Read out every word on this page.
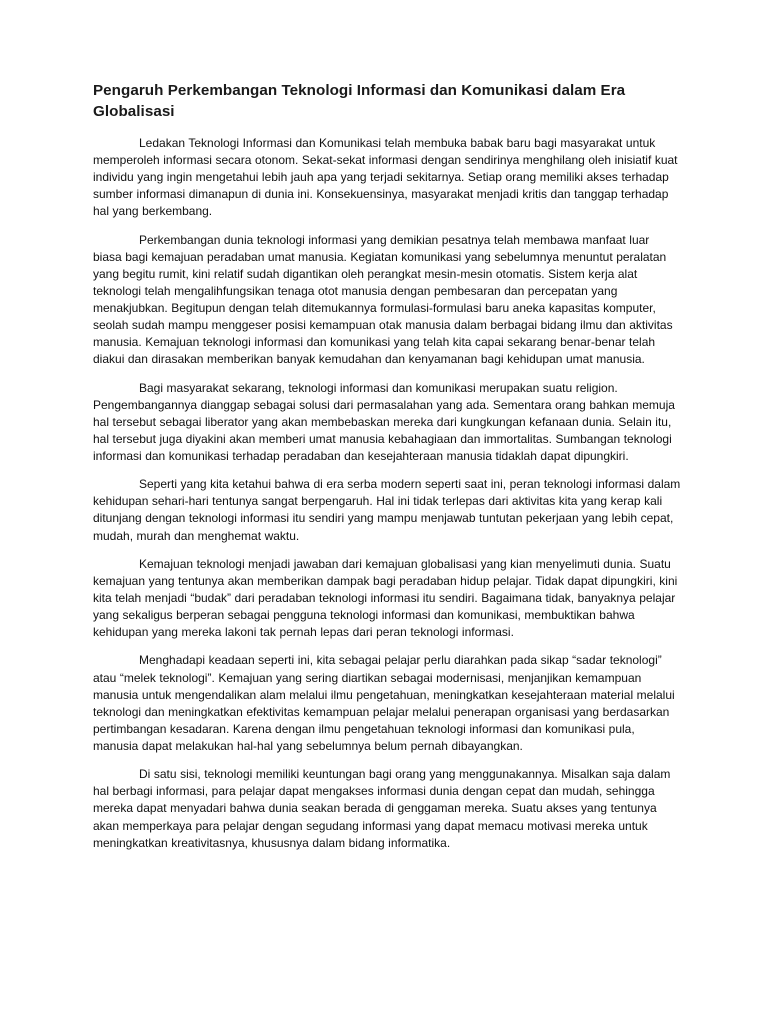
Pengaruh Perkembangan Teknologi Informasi dan Komunikasi dalam Era Globalisasi

Ledakan Teknologi Informasi dan Komunikasi telah membuka babak baru bagi masyarakat untuk memperoleh informasi secara otonom. Sekat-sekat informasi dengan sendirinya menghilang oleh inisiatif kuat individu yang ingin mengetahui lebih jauh apa yang terjadi sekitarnya. Setiap orang memiliki akses terhadap sumber informasi dimanapun di dunia ini. Konsekuensinya, masyarakat menjadi kritis dan tanggap terhadap hal yang berkembang.

Perkembangan dunia teknologi informasi yang demikian pesatnya telah membawa manfaat luar biasa bagi kemajuan peradaban umat manusia. Kegiatan komunikasi yang sebelumnya menuntut peralatan yang begitu rumit, kini relatif sudah digantikan oleh perangkat mesin-mesin otomatis. Sistem kerja alat teknologi telah mengalihfungsikan tenaga otot manusia dengan pembesaran dan percepatan yang menakjubkan. Begitupun dengan telah ditemukannya formulasi-formulasi baru aneka kapasitas komputer, seolah sudah mampu menggeser posisi kemampuan otak manusia dalam berbagai bidang ilmu dan aktivitas manusia. Kemajuan teknologi informasi dan komunikasi yang telah kita capai sekarang benar-benar telah diakui dan dirasakan memberikan banyak kemudahan dan kenyamanan bagi kehidupan umat manusia.

Bagi masyarakat sekarang, teknologi informasi dan komunikasi merupakan suatu religion. Pengembangannya dianggap sebagai solusi dari permasalahan yang ada. Sementara orang bahkan memuja hal tersebut sebagai liberator yang akan membebaskan mereka dari kungkungan kefanaan dunia. Selain itu, hal tersebut juga diyakini akan memberi umat manusia kebahagiaan dan immortalitas. Sumbangan teknologi informasi dan komunikasi terhadap peradaban dan kesejahteraan manusia tidaklah dapat dipungkiri.

Seperti yang kita ketahui bahwa di era serba modern seperti saat ini, peran teknologi informasi dalam kehidupan sehari-hari tentunya sangat berpengaruh. Hal ini tidak terlepas dari aktivitas kita yang kerap kali ditunjang dengan teknologi informasi itu sendiri yang mampu menjawab tuntutan pekerjaan yang lebih cepat, mudah, murah dan menghemat waktu.

Kemajuan teknologi menjadi jawaban dari kemajuan globalisasi yang kian menyelimuti dunia. Suatu kemajuan yang tentunya akan memberikan dampak bagi peradaban hidup pelajar. Tidak dapat dipungkiri, kini kita telah menjadi “budak” dari peradaban teknologi informasi itu sendiri. Bagaimana tidak, banyaknya pelajar yang sekaligus berperan sebagai pengguna teknologi informasi dan komunikasi, membuktikan bahwa kehidupan yang mereka lakoni tak pernah lepas dari peran teknologi informasi.

Menghadapi keadaan seperti ini, kita sebagai pelajar perlu diarahkan pada sikap “sadar teknologi” atau “melek teknologi”. Kemajuan yang sering diartikan sebagai modernisasi, menjanjikan kemampuan manusia untuk mengendalikan alam melalui ilmu pengetahuan, meningkatkan kesejahteraan material melalui teknologi dan meningkatkan efektivitas kemampuan pelajar melalui penerapan organisasi yang berdasarkan pertimbangan kesadaran. Karena dengan ilmu pengetahuan teknologi informasi dan komunikasi pula, manusia dapat melakukan hal-hal yang sebelumnya belum pernah dibayangkan.

Di satu sisi, teknologi memiliki keuntungan bagi orang yang menggunakannya. Misalkan saja dalam hal berbagi informasi, para pelajar dapat mengakses informasi dunia dengan cepat dan mudah, sehingga mereka dapat menyadari bahwa dunia seakan berada di genggaman mereka. Suatu akses yang tentunya akan memperkaya para pelajar dengan segudang informasi yang dapat memacu motivasi mereka untuk meningkatkan kreativitasnya, khususnya dalam bidang informatika.
